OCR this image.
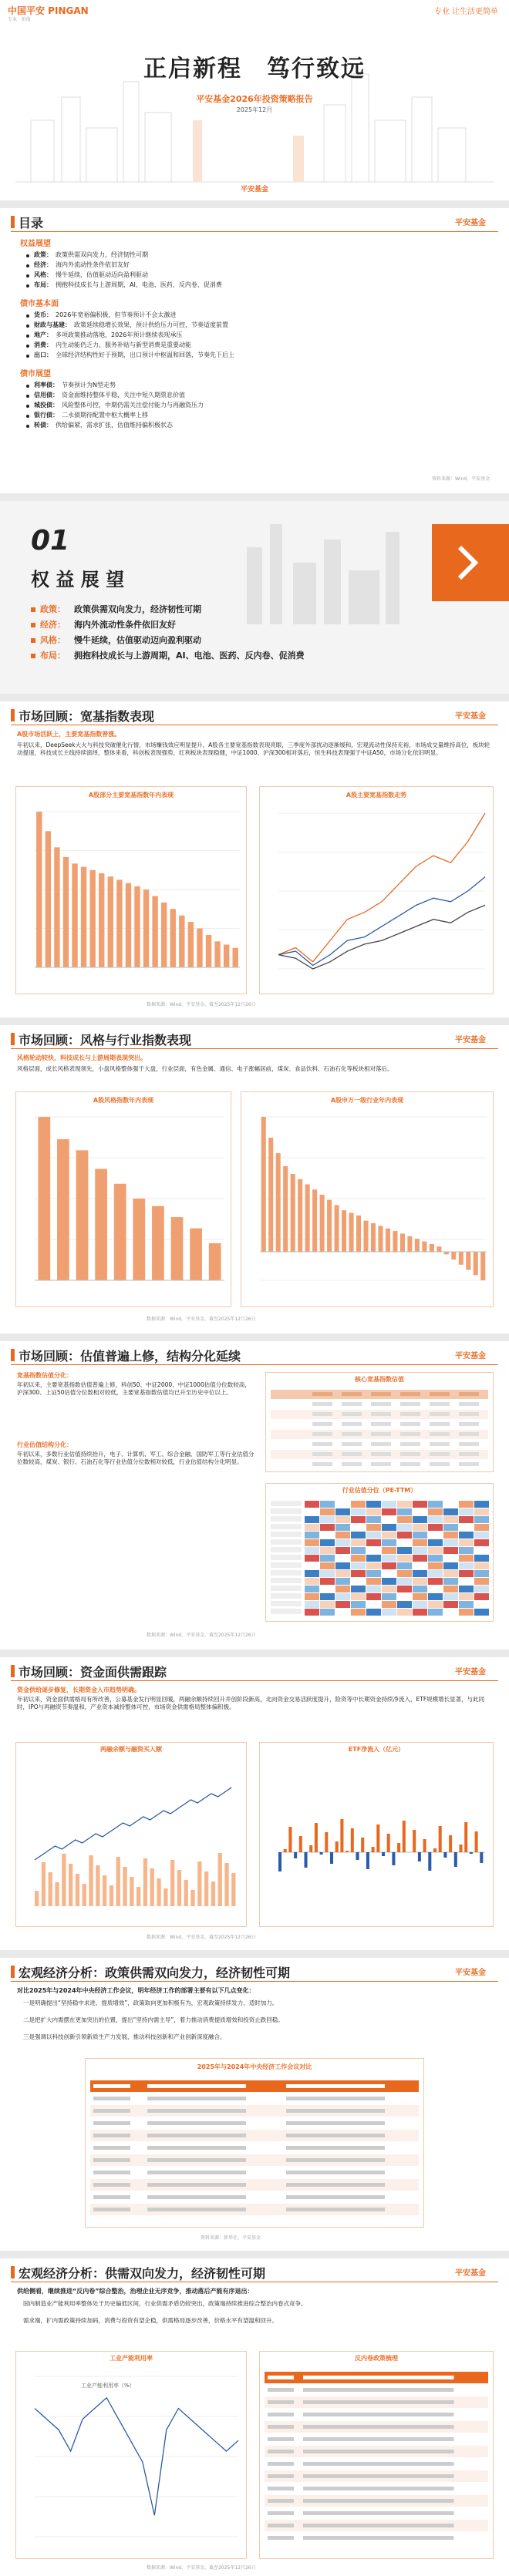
中国平安 PINGAN
专业 · 价值
专业 让生活更简单
正启新程　笃行致远
平安基金2026年投资策略报告
2025年12月
平安基金
目录	平安基金
权益展望
政策： 政策供需双向发力，经济韧性可期
经济： 海内外流动性条件依旧友好
风格： 慢牛延续，估值驱动迈向盈利驱动
布局： 拥抱科技成长与上游周期，AI、电池、医药、反内卷、促消费
债市基本面
货币： 2026年宽裕偏积极，但节奏预计不会太激进
财政与基建： 政策延续稳增长效果，预计供给压力可控，节奏适度前置
地产： 多项政策推动落地，2026年预计继续表现承压
消费： 内生动能仍乏力，服务补贴与新型消费是重要动能
出口： 全球经济结构性好于预期，出口预计中枢温和回落，节奏先下后上
债市展望
利率债： 节奏预计为N型走势
信用债： 资金面维持整体平稳，关注中短久期票息价值
城投债： 风险整体可控，中期仍需关注偿付能力与再融资压力
银行债： 二永债期待配置中枢大概率上移
转债： 供给偏紧，需求扩张，估值维持偏积极状态
资料来源：Wind，平安基金
01
权 益 展 望
政策： 政策供需双向发力，经济韧性可期
经济： 海内外流动性条件依旧友好
风格： 慢牛延续，估值驱动迈向盈利驱动
布局： 拥抱科技成长与上游周期，AI、电池、医药、反内卷、促消费
市场回顾：宽基指数表现	平安基金
A股市场活跃上，主要宽基指数普涨。
年初以来，DeepSeek大火与科技突破催化行情，市场赚钱效应明显提升，A股各主要宽基指数表现亮眼，三季度外部扰动逐渐缓和，宏观流动性保持充裕，市场成交量维持高位，板块轮动提速，科技成长主线持续演绎，整体来看，科创板表现强势，红利板块表现稳健，中证1000、沪深300相对落后，恒生科技表现强于中证A50，市场分化依旧明显。
A股部分主要宽基指数年内表现	A股主要宽基指数走势
数据来源：Wind，平安基金，截至2025年12月26日
市场回顾：风格与行业指数表现	平安基金
风格轮动较快，科技成长与上游周期表现突出。
风格层面，成长风格表现领先，小盘风格整体强于大盘，行业层面，有色金属、通信、电子涨幅居前，煤炭、食品饮料、石油石化等板块相对落后。
A股风格指数年内表现	A股申万一级行业年内表现
数据来源：Wind，平安基金，截至2025年12月26日
市场回顾：估值普遍上修，结构分化延续	平安基金
宽基指数估值分化：
年初以来，主要宽基指数估值普遍上修，科创50、中证2000、中证1000估值分位数较高，沪深300、上证50估值分位数相对较低，主要宽基指数估值均已升至历史中位以上。
行业估值结构分化：
年初以来，多数行业估值持续抬升，电子、计算机、军工、综合金融、国防军工等行业估值分位数较高，煤炭、银行、石油石化等行业估值分位数相对较低，行业估值结构分化明显。
核心宽基指数估值
行业估值分位（PE-TTM）
数据来源：Wind，平安基金，截至2025年12月26日
市场回顾：资金面供需跟踪	平安基金
资金供给逐步修复，长期资金入市趋势明确。
年初以来，资金面供需格局有所改善，公募基金发行明显回暖，两融余额持续回升并创阶段新高，北向资金交易活跃度提升，险资等中长期资金持续净流入，ETF规模增长显著，与此同时，IPO与再融资节奏温和，产业资本减持整体可控，市场资金供需格局整体偏积极。
两融余额与融资买入额	ETF净流入（亿元）
数据来源：Wind，平安基金，截至2025年12月26日
宏观经济分析：政策供需双向发力，经济韧性可期	平安基金
对比2025年与2024年中央经济工作会议，明年经济工作的部署主要有以下几点变化：
一是明确提出“坚持稳中求进、提质增效”，政策取向更加积极有为，宏观政策持续发力、适时加力。
二是把扩大内需摆在更加突出的位置，提出“坚持内需主导”，着力推动消费提质增效和投资止跌回稳。
三是强调以科技创新引领新质生产力发展，推动科技创新和产业创新深度融合。
2025年与2024年中央经济工作会议对比
资料来源：新华社，平安基金
宏观经济分析：供需双向发力，经济韧性可期	平安基金
供给侧看，继续推进“反内卷”综合整治，治理企业无序竞争，推动落后产能有序退出：
国内制造业产能利用率整体处于历史偏低区间，行业供需矛盾仍较突出，政策端持续推进综合整治内卷式竞争。
需求端，扩内需政策持续加码，消费与投资有望企稳，供需格局逐步改善，价格水平有望温和回升。
工业产能利用率
工业产能利用率（%）
反内卷政策梳理
数据来源：Wind，平安基金，截至2025年12月26日
